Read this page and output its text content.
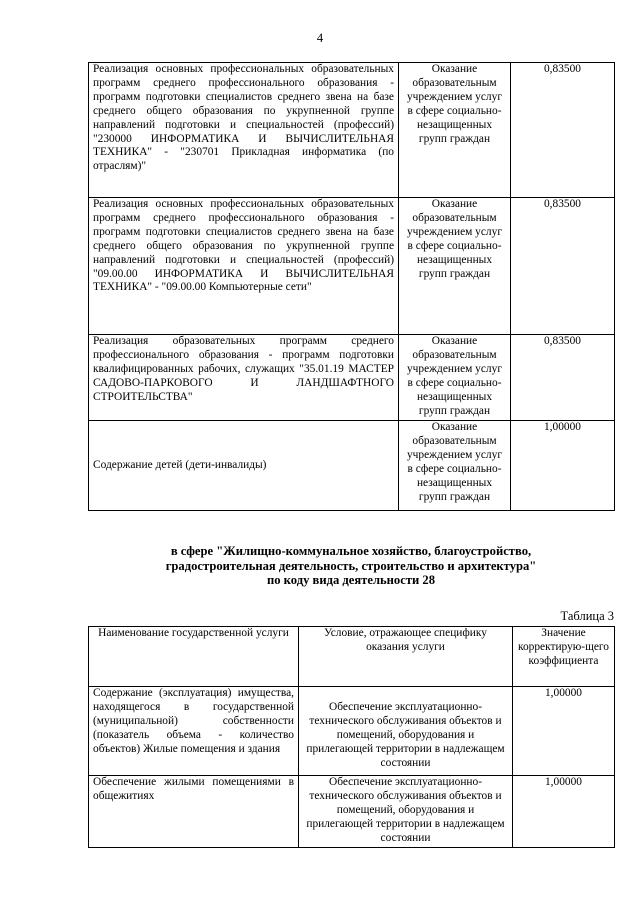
4
Реализация основных профессиональных образовательных программ среднего профессионального образования - программ подготовки специалистов среднего звена на базе среднего общего образования по укрупненной группе направлений подготовки и специальностей (профессий) "230000 ИНФОРМАТИКА И ВЫЧИСЛИТЕЛЬНАЯ ТЕХНИКА" - "230701 Прикладная информатика (по отраслям)"	Оказание образовательным учреждением услуг в сфере социально-незащищенных групп граждан	0,83500
Реализация основных профессиональных образовательных программ среднего профессионального образования - программ подготовки специалистов среднего звена на базе среднего общего образования по укрупненной группе направлений подготовки и специальностей (профессий) "09.00.00 ИНФОРМАТИКА И ВЫЧИСЛИТЕЛЬНАЯ ТЕХНИКА" - "09.00.00 Компьютерные сети"	Оказание образовательным учреждением услуг в сфере социально-незащищенных групп граждан	0,83500
Реализация образовательных программ среднего профессионального образования - программ подготовки квалифицированных рабочих, служащих "35.01.19 МАСТЕР САДОВО-ПАРКОВОГО И ЛАНДШАФТНОГО СТРОИТЕЛЬСТВА"	Оказание образовательным учреждением услуг в сфере социально-незащищенных групп граждан	0,83500
Содержание детей (дети-инвалиды)	Оказание образовательным учреждением услуг в сфере социально-незащищенных групп граждан	1,00000
в сфере "Жилищно-коммунальное хозяйство, благоустройство,
градостроительная деятельность, строительство и архитектура"
по коду вида деятельности 28
Таблица 3
Наименование государственной услуги	Условие, отражающее специфику оказания услуги	Значение корректирую-щего коэффициента
Содержание (эксплуатация) имущества, находящегося в государственной (муниципальной) собственности (показатель объема - количество объектов) Жилые помещения и здания	Обеспечение эксплуатационно-технического обслуживания объектов и помещений, оборудования и прилегающей территории в надлежащем состоянии	1,00000
Обеспечение жилыми помещениями в общежитиях	Обеспечение эксплуатационно-технического обслуживания объектов и помещений, оборудования и прилегающей территории в надлежащем состоянии	1,00000
